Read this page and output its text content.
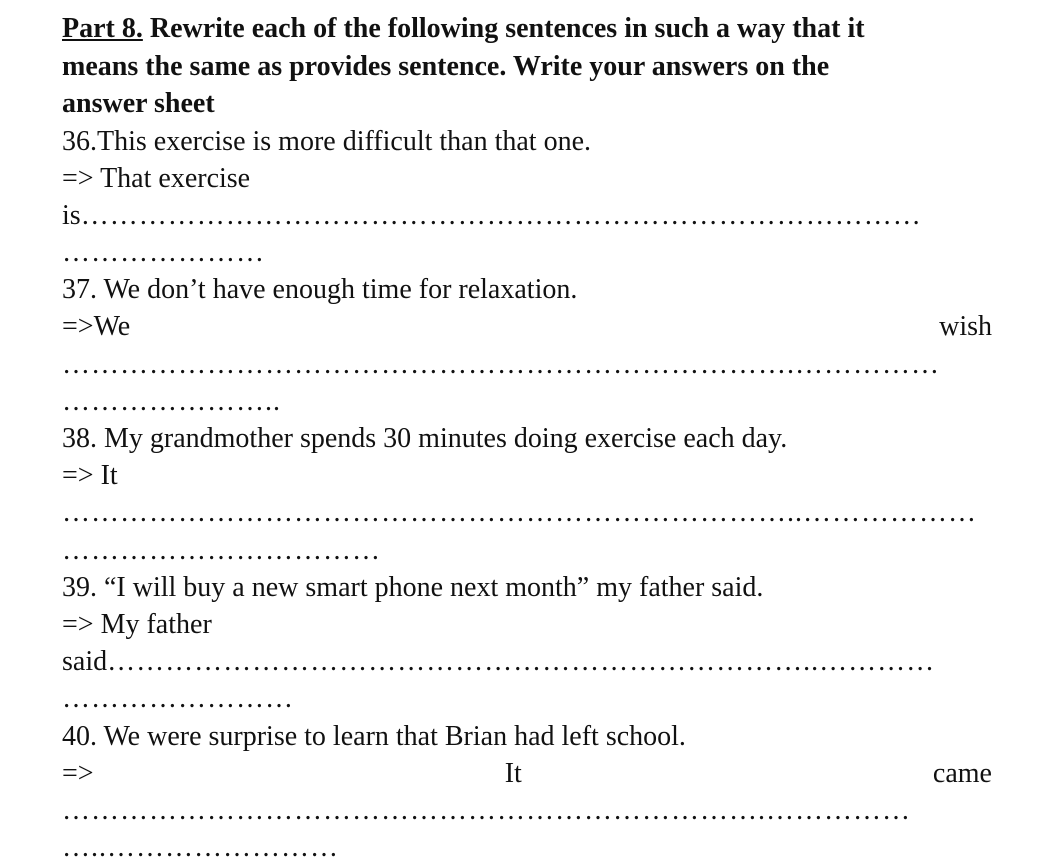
Part 8. Rewrite each of the following sentences in such a way that it
means the same as provides sentence. Write your answers on the
answer sheet
36.This exercise is more difficult than that one.
=> That exercise
is……………………………………………………………………………
…………………
37. We don’t have enough time for relaxation.
=>We	wish
………………………………………………………………….……………
…………………..
38. My grandmother spends 30 minutes doing exercise each day.
=> It
…………………………………………………………………..………………
……………………………
39. “I will buy a new smart phone next month” my father said.
=> My father
said………………………………………………………………..…………
……………………
40. We were surprise to learn that Brian had left school.
=>	It	came
……………………………………………………………….……………
…..……………………
